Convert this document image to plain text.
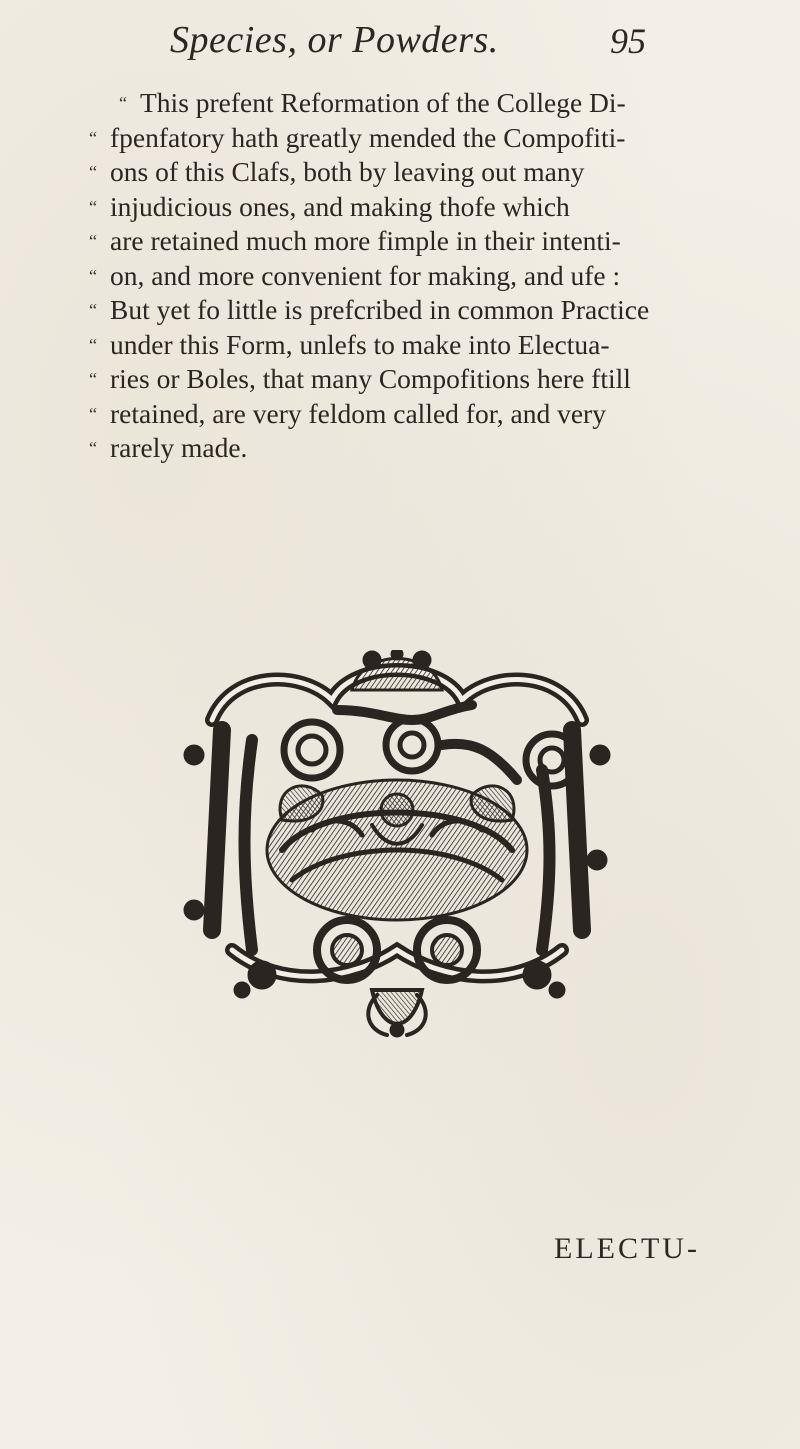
Species, or Powders.	95
“ This prefent Reformation of the College Di-
“ fpenfatory hath greatly mended the Compofiti-
“ ons of this Clafs, both by leaving out many
“ injudicious ones, and making thofe which
“ are retained much more fimple in their intenti-
“ on, and more convenient for making, and ufe :
“ But yet fo little is prefcribed in common Practice
“ under this Form, unlefs to make into Electua-
“ ries or Boles, that many Compofitions here ftill
“ retained, are very feldom called for, and very
“ rarely made.
ELECTU-
